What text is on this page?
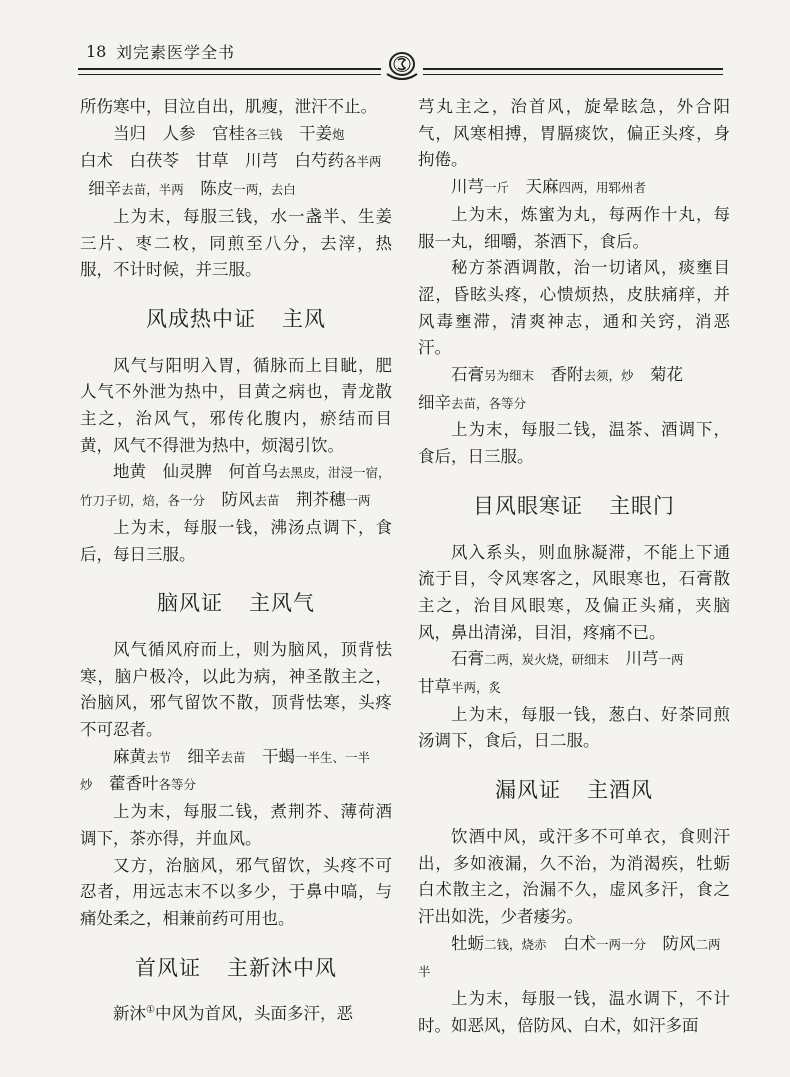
18 刘完素医学全书

所伤寒中，目泣自出，肌瘦，泄汗不止。

当归  人参  官桂各三钱  干姜炮
白术  白茯苓  甘草  川芎  白芍药各半两  细辛去苗，半两  陈皮一两，去白

上为末，每服三钱，水一盏半、生姜三片、枣二枚，同煎至八分，去滓，热服，不计时候，并三服。

风成热中证 主风

风气与阳明入胃，循脉而上目眦，肥人气不外泄为热中，目黄之病也，青龙散主之，治风气，邪传化腹内，瘀结而目黄，风气不得泄为热中，烦渴引饮。

地黄  仙灵脾  何首乌去黑皮，泔浸一宿，竹刀子切，焙，各一分  防风去苗  荆芥穗一两

上为末，每服一钱，沸汤点调下，食后，每日三服。

脑风证 主风气

风气循风府而上，则为脑风，顶背怯寒，脑户极冷，以此为病，神圣散主之，治脑风，邪气留饮不散，顶背怯寒，头疼不可忍者。

麻黄去节  细辛去苗  干蝎一半生、一半炒  藿香叶各等分

上为末，每服二钱，煮荆芥、薄荷酒调下，茶亦得，并血风。

又方，治脑风，邪气留饮，头疼不可忍者，用远志末不以多少，于鼻中嗃，与痛处柔之，相兼前药可用也。

首风证 主新沐中风

新沐①中风为首风，头面多汗，恶

芎丸主之，治首风，旋晕眩急，外合阳气，风寒相搏，胃膈痰饮，偏正头疼，身拘倦。

川芎一斤  天麻四两，用郓州者

上为末，炼蜜为丸，每两作十丸，每服一丸，细嚼，茶酒下，食后。

秘方茶酒调散，治一切诸风，痰壅目涩，昏眩头疼，心愦烦热，皮肤痛痒，并风毒壅滞，清爽神志，通和关窍，消恶汗。

石膏另为细末  香附去须，炒  菊花
细辛去苗，各等分

上为末，每服二钱，温茶、酒调下，食后，日三服。

目风眼寒证 主眼门

风入系头，则血脉凝滞，不能上下通流于目，令风寒客之，风眼寒也，石膏散主之，治目风眼寒，及偏正头痛，夹脑风，鼻出清涕，目泪，疼痛不已。

石膏二两，炭火烧，研细末  川芎一两
甘草半两，炙

上为末，每服一钱，葱白、好茶同煎汤调下，食后，日二服。

漏风证 主酒风

饮酒中风，或汗多不可单衣，食则汗出，多如液漏，久不治，为消渴疾，牡蛎白术散主之，治漏不久，虚风多汗，食之汗出如洗，少者痿劣。

牡蛎二钱，烧赤  白术一两一分  防风二两半

上为末，每服一钱，温水调下，不计时。如恶风，倍防风、白术，如汗多面
